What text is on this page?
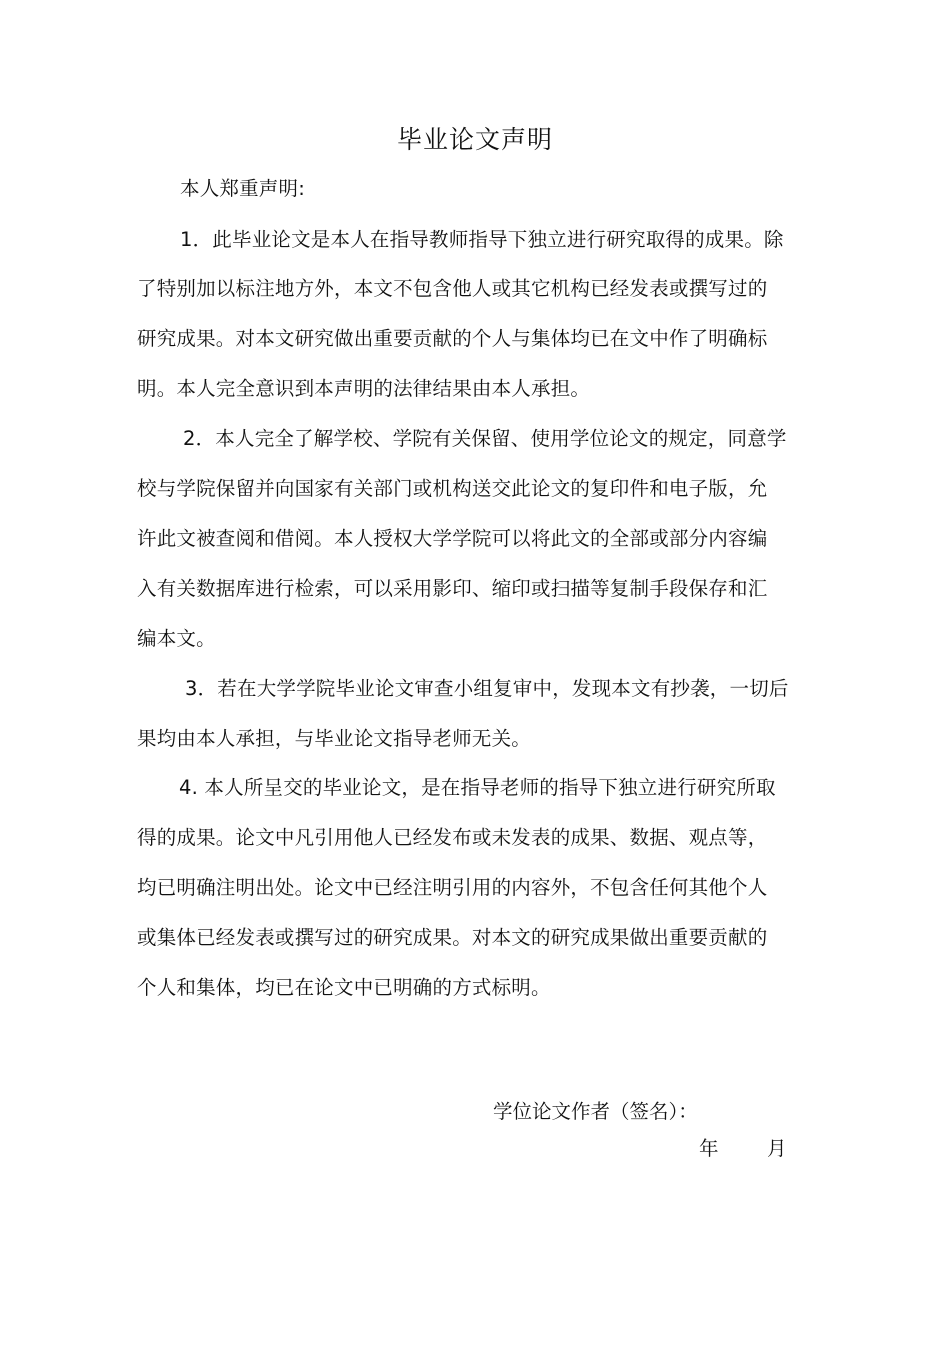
毕业论文声明
本人郑重声明:
1．此毕业论文是本人在指导教师指导下独立进行研究取得的成果。除
了特别加以标注地方外，本文不包含他人或其它机构已经发表或撰写过的
研究成果。对本文研究做出重要贡献的个人与集体均已在文中作了明确标
明。本人完全意识到本声明的法律结果由本人承担。
2．本人完全了解学校、学院有关保留、使用学位论文的规定，同意学
校与学院保留并向国家有关部门或机构送交此论文的复印件和电子版，允
许此文被查阅和借阅。本人授权大学学院可以将此文的全部或部分内容编
入有关数据库进行检索，可以采用影印、缩印或扫描等复制手段保存和汇
编本文。
3．若在大学学院毕业论文审查小组复审中，发现本文有抄袭，一切后
果均由本人承担，与毕业论文指导老师无关。
4. 本人所呈交的毕业论文，是在指导老师的指导下独立进行研究所取
得的成果。论文中凡引用他人已经发布或未发表的成果、数据、观点等，
均已明确注明出处。论文中已经注明引用的内容外，不包含任何其他个人
或集体已经发表或撰写过的研究成果。对本文的研究成果做出重要贡献的
个人和集体，均已在论文中已明确的方式标明。
学位论文作者（签名）：
年 月
